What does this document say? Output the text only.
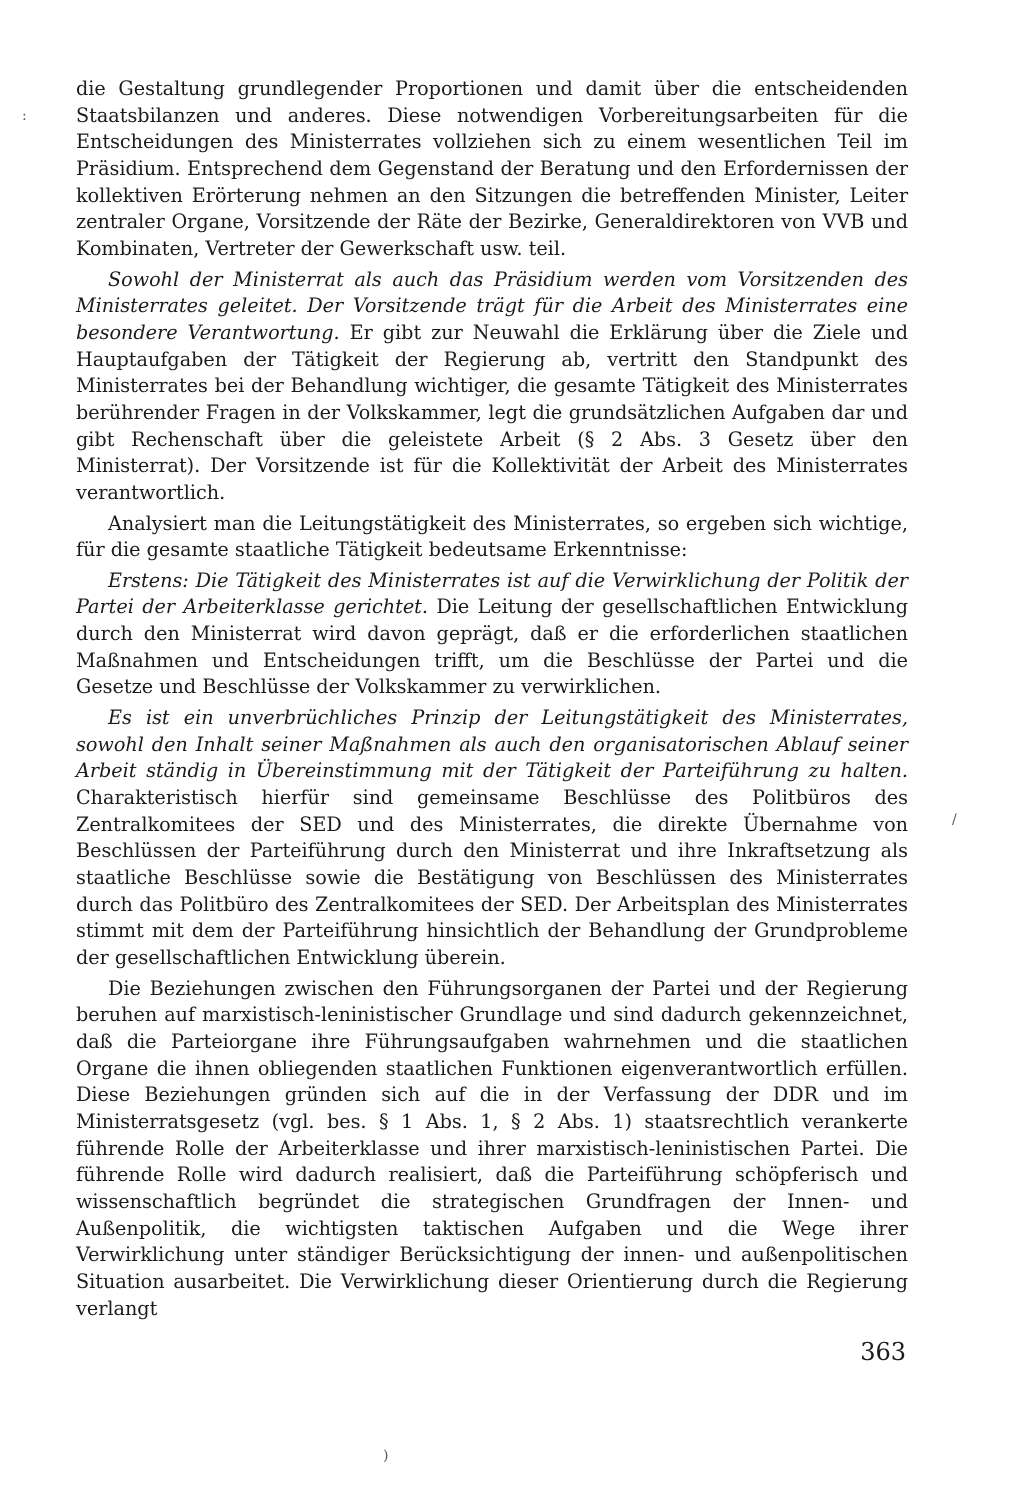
:

die Gestaltung grundlegender Proportionen und damit über die entscheidenden Staatsbilanzen und anderes. Diese notwendigen Vorbereitungsarbeiten für die Entscheidungen des Ministerrates vollziehen sich zu einem wesentlichen Teil im Präsidium. Entsprechend dem Gegenstand der Beratung und den Erfordernissen der kollektiven Erörterung nehmen an den Sitzungen die betreffenden Minister, Leiter zentraler Organe, Vorsitzende der Räte der Bezirke, Generaldirektoren von VVB und Kombinaten, Vertreter der Gewerkschaft usw. teil.

Sowohl der Ministerrat als auch das Präsidium werden vom Vorsitzenden des Ministerrates geleitet. Der Vorsitzende trägt für die Arbeit des Ministerrates eine besondere Verantwortung. Er gibt zur Neuwahl die Erklärung über die Ziele und Hauptaufgaben der Tätigkeit der Regierung ab, vertritt den Standpunkt des Ministerrates bei der Behandlung wichtiger, die gesamte Tätigkeit des Ministerrates berührender Fragen in der Volkskammer, legt die grundsätzlichen Aufgaben dar und gibt Rechenschaft über die geleistete Arbeit (§ 2 Abs. 3 Gesetz über den Ministerrat). Der Vorsitzende ist für die Kollektivität der Arbeit des Ministerrates verantwortlich.

Analysiert man die Leitungstätigkeit des Ministerrates, so ergeben sich wichtige, für die gesamte staatliche Tätigkeit bedeutsame Erkenntnisse:

Erstens: Die Tätigkeit des Ministerrates ist auf die Verwirklichung der Politik der Partei der Arbeiterklasse gerichtet. Die Leitung der gesellschaftlichen Entwicklung durch den Ministerrat wird davon geprägt, daß er die erforderlichen staatlichen Maßnahmen und Entscheidungen trifft, um die Beschlüsse der Partei und die Gesetze und Beschlüsse der Volkskammer zu verwirklichen.

Es ist ein unverbrüchliches Prinzip der Leitungstätigkeit des Ministerrates, sowohl den Inhalt seiner Maßnahmen als auch den organisatorischen Ablauf seiner Arbeit ständig in Übereinstimmung mit der Tätigkeit der Parteiführung zu halten. Charakteristisch hierfür sind gemeinsame Beschlüsse des Politbüros des Zentralkomitees der SED und des Ministerrates, die direkte Übernahme von Beschlüssen der Parteiführung durch den Ministerrat und ihre Inkraftsetzung als staatliche Beschlüsse sowie die Bestätigung von Beschlüssen des Ministerrates durch das Politbüro des Zentralkomitees der SED. Der Arbeitsplan des Ministerrates stimmt mit dem der Parteiführung hinsichtlich der Behandlung der Grundprobleme der gesellschaftlichen Entwicklung überein.

Die Beziehungen zwischen den Führungsorganen der Partei und der Regierung beruhen auf marxistisch-leninistischer Grundlage und sind dadurch gekennzeichnet, daß die Parteiorgane ihre Führungsaufgaben wahrnehmen und die staatlichen Organe die ihnen obliegenden staatlichen Funktionen eigenverantwortlich erfüllen. Diese Beziehungen gründen sich auf die in der Verfassung der DDR und im Ministerratsgesetz (vgl. bes. § 1 Abs. 1, § 2 Abs. 1) staatsrechtlich verankerte führende Rolle der Arbeiterklasse und ihrer marxistisch-leninistischen Partei. Die führende Rolle wird dadurch realisiert, daß die Parteiführung schöpferisch und wissenschaftlich begründet die strategischen Grundfragen der Innen- und Außenpolitik, die wichtigsten taktischen Aufgaben und die Wege ihrer Verwirklichung unter ständiger Berücksichtigung der innen- und außenpolitischen Situation ausarbeitet. Die Verwirklichung dieser Orientierung durch die Regierung verlangt

363
/
)
